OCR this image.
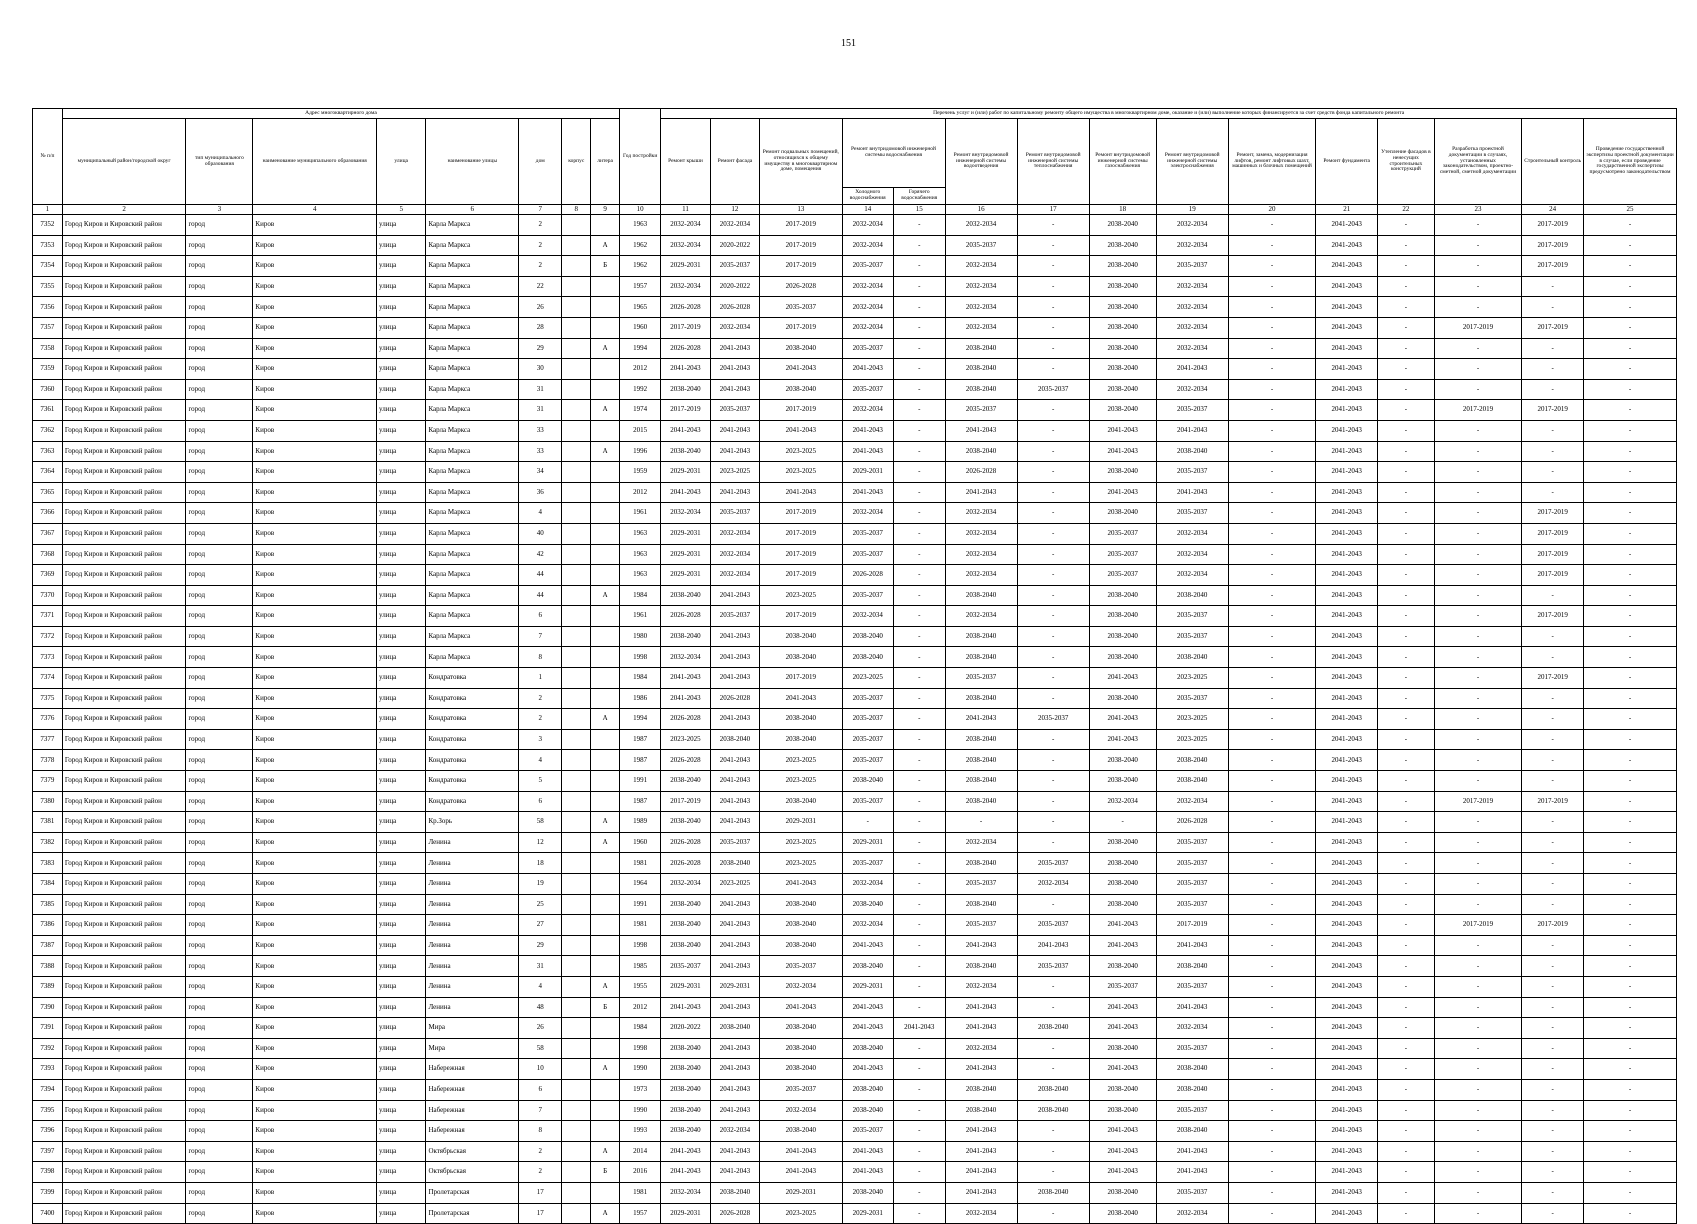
151
№ п/п	Адрес многоквартирного дома								Год постройки	Перечень услуг и (или) работ по капитальному ремонту общего имущества в многоквартирном доме, оказание и (или) выполнение которых финансируется за счет средств фонда капитального ремонта														
	муниципальный район/городской округ	тип муниципального образования	наименование муниципального образования	улица	наименование улицы	дом	корпус	литера		Ремонт крыши	Ремонт фасада	Ремонт подвальных помещений, относящихся к общему имуществу в многоквартирном доме, помещения	Ремонт внутридомовой инженерной системы водоснабжения		Ремонт внутридомовой инженерной системы водоотведения	Ремонт внутридомовой инженерной системы теплоснабжения	Ремонт внутридомовой инженерной системы газоснабжения	Ремонт внутридомовой инженерной системы электроснабжения	Ремонт, замена, модернизация лифтов, ремонт лифтовых шахт, машинных и блочных помещений	Ремонт фундамента	Утепление фасадов в ненесущих строительных конструкций	Разработка проектной документации в случаях, установленных законодательством, проектно-сметной, сметной документации	Строительный контроль	Проведение государственной экспертизы проектной документации в случае, если проведение государственной экспертизы предусмотрено законодательством
													Холодного водоснабжения	Горячего водоснабжения										
1	2	3	4	5	6	7	8	9	10	11	12	13	14	15	16	17	18	19	20	21	22	23	24	25
7352	Город Киров и Кировский район	город	Киров	улица	Карла Маркса	2			1963	2032-2034	2032-2034	2017-2019	2032-2034	-	2032-2034	-	2038-2040	2032-2034	-	2041-2043	-	-	2017-2019	-
7353	Город Киров и Кировский район	город	Киров	улица	Карла Маркса	2		А	1962	2032-2034	2020-2022	2017-2019	2032-2034	-	2035-2037	-	2038-2040	2032-2034	-	2041-2043	-	-	2017-2019	-
7354	Город Киров и Кировский район	город	Киров	улица	Карла Маркса	2		Б	1962	2029-2031	2035-2037	2017-2019	2035-2037	-	2032-2034	-	2038-2040	2035-2037	-	2041-2043	-	-	2017-2019	-
7355	Город Киров и Кировский район	город	Киров	улица	Карла Маркса	22			1957	2032-2034	2020-2022	2026-2028	2032-2034	-	2032-2034	-	2038-2040	2032-2034	-	2041-2043	-	-	-	-
7356	Город Киров и Кировский район	город	Киров	улица	Карла Маркса	26			1965	2026-2028	2026-2028	2035-2037	2032-2034	-	2032-2034	-	2038-2040	2032-2034	-	2041-2043	-	-	-	-
7357	Город Киров и Кировский район	город	Киров	улица	Карла Маркса	28			1960	2017-2019	2032-2034	2017-2019	2032-2034	-	2032-2034	-	2038-2040	2032-2034	-	2041-2043	-	2017-2019	2017-2019	-
7358	Город Киров и Кировский район	город	Киров	улица	Карла Маркса	29		А	1994	2026-2028	2041-2043	2038-2040	2035-2037	-	2038-2040	-	2038-2040	2032-2034	-	2041-2043	-	-	-	-
7359	Город Киров и Кировский район	город	Киров	улица	Карла Маркса	30			2012	2041-2043	2041-2043	2041-2043	2041-2043	-	2038-2040	-	2038-2040	2041-2043	-	2041-2043	-	-	-	-
7360	Город Киров и Кировский район	город	Киров	улица	Карла Маркса	31			1992	2038-2040	2041-2043	2038-2040	2035-2037	-	2038-2040	2035-2037	2038-2040	2032-2034	-	2041-2043	-	-	-	-
7361	Город Киров и Кировский район	город	Киров	улица	Карла Маркса	31		А	1974	2017-2019	2035-2037	2017-2019	2032-2034	-	2035-2037	-	2038-2040	2035-2037	-	2041-2043	-	2017-2019	2017-2019	-
7362	Город Киров и Кировский район	город	Киров	улица	Карла Маркса	33			2015	2041-2043	2041-2043	2041-2043	2041-2043	-	2041-2043	-	2041-2043	2041-2043	-	2041-2043	-	-	-	-
7363	Город Киров и Кировский район	город	Киров	улица	Карла Маркса	33		А	1996	2038-2040	2041-2043	2023-2025	2041-2043	-	2038-2040	-	2041-2043	2038-2040	-	2041-2043	-	-	-	-
7364	Город Киров и Кировский район	город	Киров	улица	Карла Маркса	34			1959	2029-2031	2023-2025	2023-2025	2029-2031	-	2026-2028	-	2038-2040	2035-2037	-	2041-2043	-	-	-	-
7365	Город Киров и Кировский район	город	Киров	улица	Карла Маркса	36			2012	2041-2043	2041-2043	2041-2043	2041-2043	-	2041-2043	-	2041-2043	2041-2043	-	2041-2043	-	-	-	-
7366	Город Киров и Кировский район	город	Киров	улица	Карла Маркса	4			1961	2032-2034	2035-2037	2017-2019	2032-2034	-	2032-2034	-	2038-2040	2035-2037	-	2041-2043	-	-	2017-2019	-
7367	Город Киров и Кировский район	город	Киров	улица	Карла Маркса	40			1963	2029-2031	2032-2034	2017-2019	2035-2037	-	2032-2034	-	2035-2037	2032-2034	-	2041-2043	-	-	2017-2019	-
7368	Город Киров и Кировский район	город	Киров	улица	Карла Маркса	42			1963	2029-2031	2032-2034	2017-2019	2035-2037	-	2032-2034	-	2035-2037	2032-2034	-	2041-2043	-	-	2017-2019	-
7369	Город Киров и Кировский район	город	Киров	улица	Карла Маркса	44			1963	2029-2031	2032-2034	2017-2019	2026-2028	-	2032-2034	-	2035-2037	2032-2034	-	2041-2043	-	-	2017-2019	-
7370	Город Киров и Кировский район	город	Киров	улица	Карла Маркса	44		А	1984	2038-2040	2041-2043	2023-2025	2035-2037	-	2038-2040	-	2038-2040	2038-2040	-	2041-2043	-	-	-	-
7371	Город Киров и Кировский район	город	Киров	улица	Карла Маркса	6			1961	2026-2028	2035-2037	2017-2019	2032-2034	-	2032-2034	-	2038-2040	2035-2037	-	2041-2043	-	-	2017-2019	-
7372	Город Киров и Кировский район	город	Киров	улица	Карла Маркса	7			1980	2038-2040	2041-2043	2038-2040	2038-2040	-	2038-2040	-	2038-2040	2035-2037	-	2041-2043	-	-	-	-
7373	Город Киров и Кировский район	город	Киров	улица	Карла Маркса	8			1998	2032-2034	2041-2043	2038-2040	2038-2040	-	2038-2040	-	2038-2040	2038-2040	-	2041-2043	-	-	-	-
7374	Город Киров и Кировский район	город	Киров	улица	Кондратовка	1			1984	2041-2043	2041-2043	2017-2019	2023-2025	-	2035-2037	-	2041-2043	2023-2025	-	2041-2043	-	-	2017-2019	-
7375	Город Киров и Кировский район	город	Киров	улица	Кондратовка	2			1986	2041-2043	2026-2028	2041-2043	2035-2037	-	2038-2040	-	2038-2040	2035-2037	-	2041-2043	-	-	-	-
7376	Город Киров и Кировский район	город	Киров	улица	Кондратовка	2		А	1994	2026-2028	2041-2043	2038-2040	2035-2037	-	2041-2043	2035-2037	2041-2043	2023-2025	-	2041-2043	-	-	-	-
7377	Город Киров и Кировский район	город	Киров	улица	Кондратовка	3			1987	2023-2025	2038-2040	2038-2040	2035-2037	-	2038-2040	-	2041-2043	2023-2025	-	2041-2043	-	-	-	-
7378	Город Киров и Кировский район	город	Киров	улица	Кондратовка	4			1987	2026-2028	2041-2043	2023-2025	2035-2037	-	2038-2040	-	2038-2040	2038-2040	-	2041-2043	-	-	-	-
7379	Город Киров и Кировский район	город	Киров	улица	Кондратовка	5			1991	2038-2040	2041-2043	2023-2025	2038-2040	-	2038-2040	-	2038-2040	2038-2040	-	2041-2043	-	-	-	-
7380	Город Киров и Кировский район	город	Киров	улица	Кондратовка	6			1987	2017-2019	2041-2043	2038-2040	2035-2037	-	2038-2040	-	2032-2034	2032-2034	-	2041-2043	-	2017-2019	2017-2019	-
7381	Город Киров и Кировский район	город	Киров	улица	Кр.Зорь	58		А	1989	2038-2040	2041-2043	2029-2031	-	-	-	-	-	2026-2028	-	2041-2043	-	-	-	-
7382	Город Киров и Кировский район	город	Киров	улица	Ленина	12		А	1960	2026-2028	2035-2037	2023-2025	2029-2031	-	2032-2034	-	2038-2040	2035-2037	-	2041-2043	-	-	-	-
7383	Город Киров и Кировский район	город	Киров	улица	Ленина	18			1981	2026-2028	2038-2040	2023-2025	2035-2037	-	2038-2040	2035-2037	2038-2040	2035-2037	-	2041-2043	-	-	-	-
7384	Город Киров и Кировский район	город	Киров	улица	Ленина	19			1964	2032-2034	2023-2025	2041-2043	2032-2034	-	2035-2037	2032-2034	2038-2040	2035-2037	-	2041-2043	-	-	-	-
7385	Город Киров и Кировский район	город	Киров	улица	Ленина	25			1991	2038-2040	2041-2043	2038-2040	2038-2040	-	2038-2040	-	2038-2040	2035-2037	-	2041-2043	-	-	-	-
7386	Город Киров и Кировский район	город	Киров	улица	Ленина	27			1981	2038-2040	2041-2043	2038-2040	2032-2034	-	2035-2037	2035-2037	2041-2043	2017-2019	-	2041-2043	-	2017-2019	2017-2019	-
7387	Город Киров и Кировский район	город	Киров	улица	Ленина	29			1998	2038-2040	2041-2043	2038-2040	2041-2043	-	2041-2043	2041-2043	2041-2043	2041-2043	-	2041-2043	-	-	-	-
7388	Город Киров и Кировский район	город	Киров	улица	Ленина	31			1985	2035-2037	2041-2043	2035-2037	2038-2040	-	2038-2040	2035-2037	2038-2040	2038-2040	-	2041-2043	-	-	-	-
7389	Город Киров и Кировский район	город	Киров	улица	Ленина	4		А	1955	2029-2031	2029-2031	2032-2034	2029-2031	-	2032-2034	-	2035-2037	2035-2037	-	2041-2043	-	-	-	-
7390	Город Киров и Кировский район	город	Киров	улица	Ленина	48		Б	2012	2041-2043	2041-2043	2041-2043	2041-2043	-	2041-2043	-	2041-2043	2041-2043	-	2041-2043	-	-	-	-
7391	Город Киров и Кировский район	город	Киров	улица	Мира	26			1984	2020-2022	2038-2040	2038-2040	2041-2043	2041-2043	2041-2043	2038-2040	2041-2043	2032-2034	-	2041-2043	-	-	-	-
7392	Город Киров и Кировский район	город	Киров	улица	Мира	58			1998	2038-2040	2041-2043	2038-2040	2038-2040	-	2032-2034	-	2038-2040	2035-2037	-	2041-2043	-	-	-	-
7393	Город Киров и Кировский район	город	Киров	улица	Набережная	10		А	1990	2038-2040	2041-2043	2038-2040	2041-2043	-	2041-2043	-	2041-2043	2038-2040	-	2041-2043	-	-	-	-
7394	Город Киров и Кировский район	город	Киров	улица	Набережная	6			1973	2038-2040	2041-2043	2035-2037	2038-2040	-	2038-2040	2038-2040	2038-2040	2038-2040	-	2041-2043	-	-	-	-
7395	Город Киров и Кировский район	город	Киров	улица	Набережная	7			1990	2038-2040	2041-2043	2032-2034	2038-2040	-	2038-2040	2038-2040	2038-2040	2035-2037	-	2041-2043	-	-	-	-
7396	Город Киров и Кировский район	город	Киров	улица	Набережная	8			1993	2038-2040	2032-2034	2038-2040	2035-2037	-	2041-2043	-	2041-2043	2038-2040	-	2041-2043	-	-	-	-
7397	Город Киров и Кировский район	город	Киров	улица	Октябрьская	2		А	2014	2041-2043	2041-2043	2041-2043	2041-2043	-	2041-2043	-	2041-2043	2041-2043	-	2041-2043	-	-	-	-
7398	Город Киров и Кировский район	город	Киров	улица	Октябрьская	2		Б	2016	2041-2043	2041-2043	2041-2043	2041-2043	-	2041-2043	-	2041-2043	2041-2043	-	2041-2043	-	-	-	-
7399	Город Киров и Кировский район	город	Киров	улица	Пролетарская	17			1981	2032-2034	2038-2040	2029-2031	2038-2040	-	2041-2043	2038-2040	2038-2040	2035-2037	-	2041-2043	-	-	-	-
7400	Город Киров и Кировский район	город	Киров	улица	Пролетарская	17		А	1957	2029-2031	2026-2028	2023-2025	2029-2031	-	2032-2034	-	2038-2040	2032-2034	-	2041-2043	-	-	-	-
